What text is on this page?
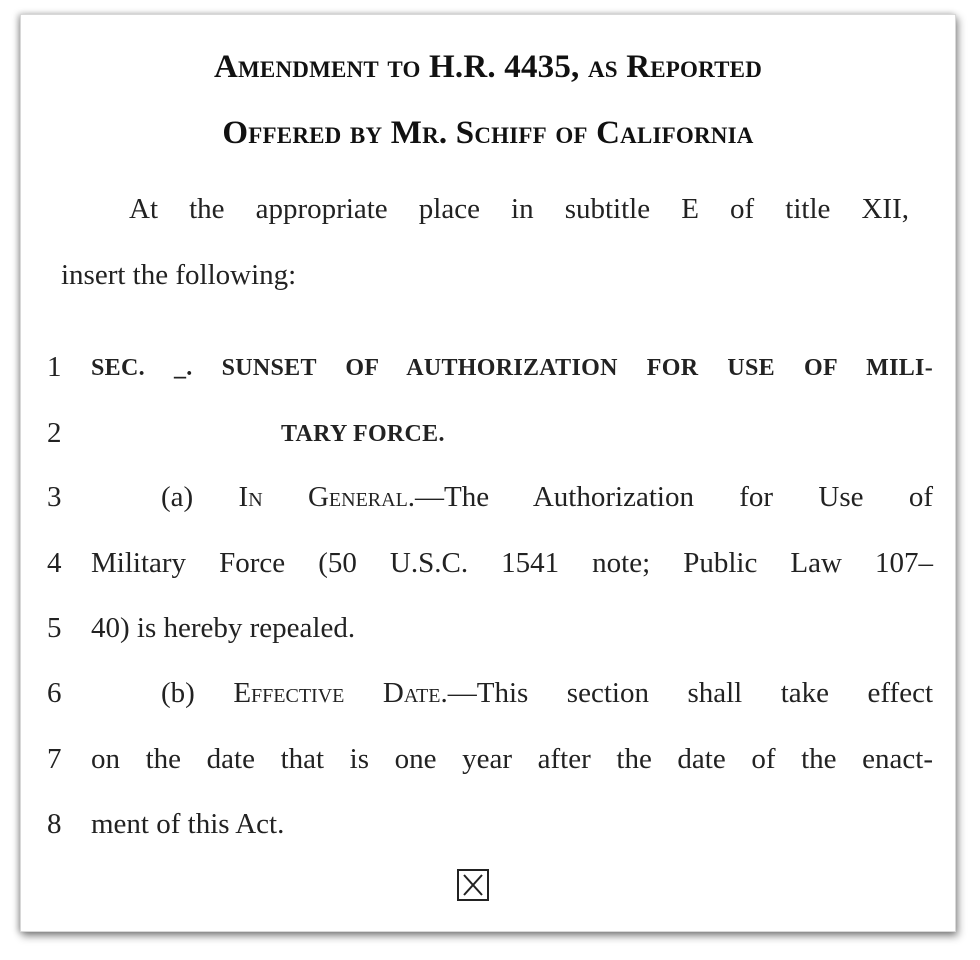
Amendment to H.R. 4435, as Reported
Offered by Mr. Schiff of California
At the appropriate place in subtitle E of title XII,
insert the following:
1 SEC. _. SUNSET OF AUTHORIZATION FOR USE OF MILI-
2	TARY FORCE.
3	(a) In General.—The Authorization for Use of
4 Military Force (50 U.S.C. 1541 note; Public Law 107–
5 40) is hereby repealed.
6	(b) Effective Date.—This section shall take effect
7 on the date that is one year after the date of the enact-
8 ment of this Act.
